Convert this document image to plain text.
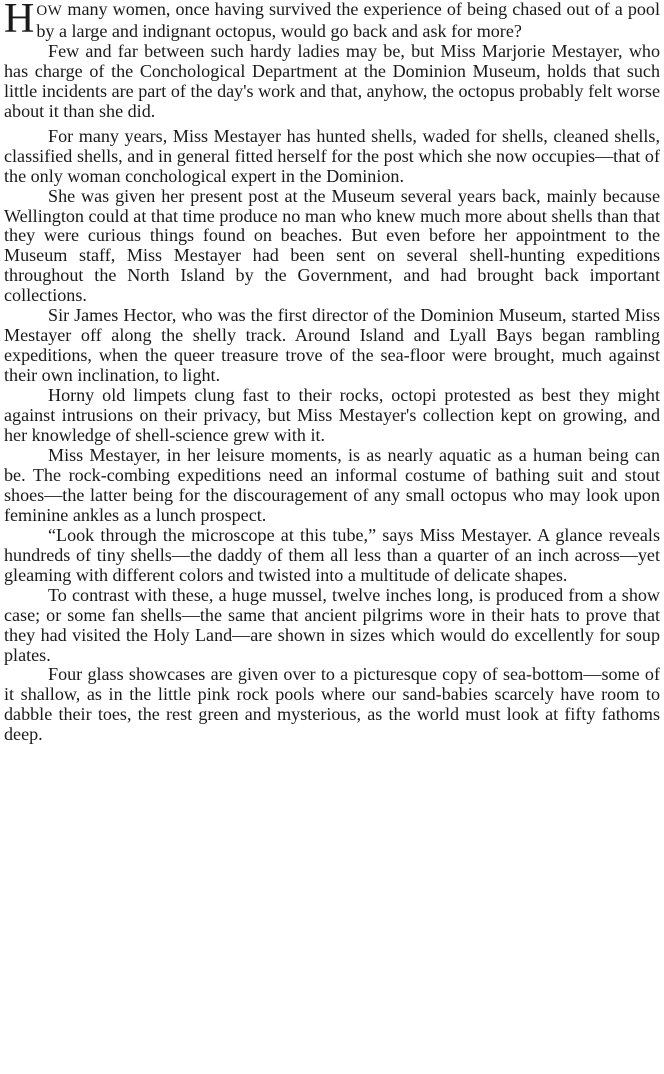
HOW many women, once having survived the experience of being chased out of a pool by a large and indignant octopus, would go back and ask for more?

Few and far between such hardy ladies may be, but Miss Marjorie Mestayer, who has charge of the Conchological Department at the Dominion Museum, holds that such little incidents are part of the day's work and that, anyhow, the octopus probably felt worse about it than she did.

For many years, Miss Mestayer has hunted shells, waded for shells, cleaned shells, classified shells, and in general fitted herself for the post which she now occupies—that of the only woman conchological expert in the Dominion.

She was given her present post at the Museum several years back, mainly because Wellington could at that time produce no man who knew much more about shells than that they were curious things found on beaches. But even before her appointment to the Museum staff, Miss Mestayer had been sent on several shell-hunting expeditions throughout the North Island by the Government, and had brought back important collections.

Sir James Hector, who was the first director of the Dominion Museum, started Miss Mestayer off along the shelly track. Around Island and Lyall Bays began rambling expeditions, when the queer treasure trove of the sea-floor were brought, much against their own inclination, to light.

Horny old limpets clung fast to their rocks, octopi protested as best they might against intrusions on their privacy, but Miss Mestayer's collection kept on growing, and her knowledge of shell-science grew with it.

Miss Mestayer, in her leisure moments, is as nearly aquatic as a human being can be. The rock-combing expeditions need an informal costume of bathing suit and stout shoes—the latter being for the discouragement of any small octopus who may look upon feminine ankles as a lunch prospect.

“Look through the microscope at this tube,” says Miss Mestayer. A glance reveals hundreds of tiny shells—the daddy of them all less than a quarter of an inch across—yet gleaming with different colors and twisted into a multitude of delicate shapes.

To contrast with these, a huge mussel, twelve inches long, is produced from a show case; or some fan shells—the same that ancient pilgrims wore in their hats to prove that they had visited the Holy Land—are shown in sizes which would do excellently for soup plates.

Four glass showcases are given over to a picturesque copy of sea-bottom—some of it shallow, as in the little pink rock pools where our sand-babies scarcely have room to dabble their toes, the rest green and mysterious, as the world must look at fifty fathoms deep.
